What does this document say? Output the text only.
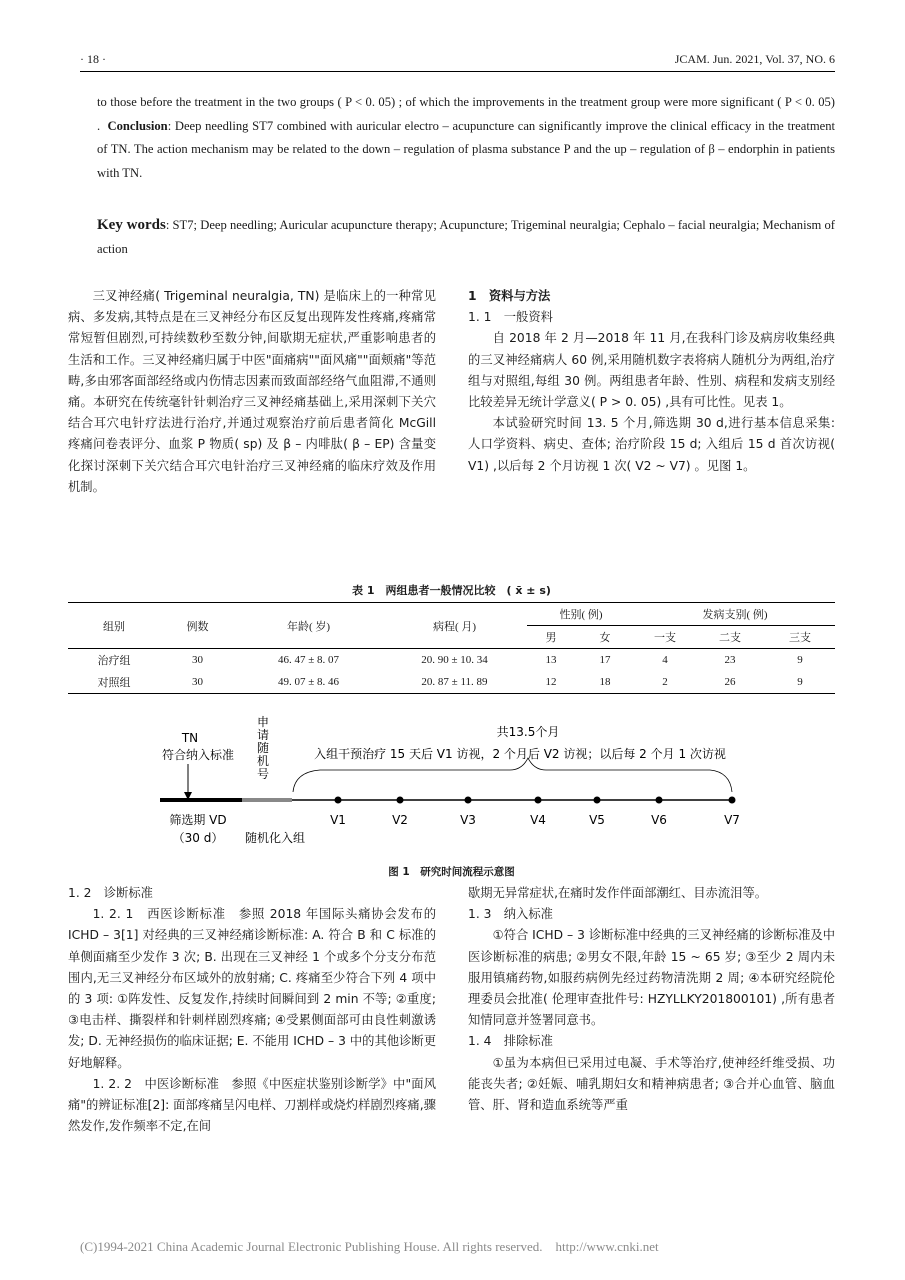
· 18 ·	JCAM. Jun. 2021, Vol. 37, NO. 6

to those before the treatment in the two groups ( P < 0. 05) ; of which the improvements in the treatment group were more significant ( P < 0. 05) . Conclusion: Deep needling ST7 combined with auricular electro – acupuncture can significantly improve the clinical efficacy in the treatment of TN. The action mechanism may be related to the down – regulation of plasma substance P and the up – regulation of β – endorphin in patients with TN.

Key words: ST7; Deep needling; Auricular acupuncture therapy; Acupuncture; Trigeminal neuralgia; Cephalo – facial neuralgia; Mechanism of action

三叉神经痛( Trigeminal neuralgia, TN) 是临床上的一种常见病、多发病,其特点是在三叉神经分布区反复出现阵发性疼痛,疼痛常常短暂但剧烈,可持续数秒至数分钟,间歇期无症状,严重影响患者的生活和工作。三叉神经痛归属于中医"面痛病""面风痛""面颊痛"等范畴,多由邪客面部经络或内伤情志因素而致面部经络气血阻滞,不通则痛。本研究在传统毫针针刺治疗三叉神经痛基础上,采用深刺下关穴结合耳穴电针疗法进行治疗,并通过观察治疗前后患者简化 McGill 疼痛问卷表评分、血浆 P 物质( sp) 及 β – 内啡肽( β – EP) 含量变化探讨深刺下关穴结合耳穴电针治疗三叉神经痛的临床疗效及作用机制。

1　资料与方法

1. 1　一般资料

自 2018 年 2 月—2018 年 11 月,在我科门诊及病房收集经典的三叉神经痛病人 60 例,采用随机数字表将病人随机分为两组,治疗组与对照组,每组 30 例。两组患者年龄、性别、病程和发病支别经比较差异无统计学意义( P > 0. 05) ,具有可比性。见表 1。

本试验研究时间 13. 5 个月,筛选期 30 d,进行基本信息采集: 人口学资料、病史、查体; 治疗阶段 15 d; 入组后 15 d 首次访视( V1) ,以后每 2 个月访视 1 次( V2 ~ V7) 。见图 1。

表 1　两组患者一般情况比较　( x̄ ± s)
组别	例数	年龄( 岁)	病程( 月)	性别( 例)		发病支别( 例)		
				男	女	一支	二支	三支
治疗组	30	46. 47 ± 8. 07	20. 90 ± 10. 34	13	17	4	23	9
对照组	30	49. 07 ± 8. 46	20. 87 ± 11. 89	12	18	2	26	9
TN
符合纳入标准
申请随机号
共13.5个月
入组干预治疗 15 天后 V1 访视，2 个月后 V2 访视；以后每 2 个月 1 次访视
V1	V2	V3	V4	V5	V6	V7
筛选期 VD
（30 d） 随机化入组
图 1　研究时间流程示意图

1. 2　诊断标准

1. 2. 1　西医诊断标准　 参照 2018 年国际头痛协会发布的 ICHD – 3[1] 对经典的三叉神经痛诊断标准: A. 符合 B 和 C 标准的单侧面痛至少发作 3 次; B. 出现在三叉神经 1 个或多个分支分布范围内,无三叉神经分布区域外的放射痛; C. 疼痛至少符合下列 4 项中的 3 项: ①阵发性、反复发作,持续时间瞬间到 2 min 不等; ②重度; ③电击样、撕裂样和针刺样剧烈疼痛; ④受累侧面部可由良性刺激诱发; D. 无神经损伤的临床证据; E. 不能用 ICHD – 3 中的其他诊断更好地解释。

1. 2. 2　中医诊断标准　 参照《中医症状鉴别诊断学》中"面风痛"的辨证标准[2]: 面部疼痛呈闪电样、刀割样或烧灼样剧烈疼痛,骤然发作,发作频率不定,在间

歇期无异常症状,在痛时发作伴面部潮红、目赤流泪等。

1. 3　纳入标准

①符合 ICHD – 3 诊断标准中经典的三叉神经痛的诊断标准及中医诊断标准的病患; ②男女不限,年龄 15 ~ 65 岁; ③至少 2 周内未服用镇痛药物,如服药病例先经过药物清洗期 2 周; ④本研究经院伦理委员会批准( 伦理审查批件号: HZYLLKY201800101) ,所有患者知情同意并签署同意书。

1. 4　排除标准

①虽为本病但已采用过电凝、手术等治疗,使神经纤维受损、功能丧失者; ②妊娠、哺乳期妇女和精神病患者; ③合并心血管、脑血管、肝、肾和造血系统等严重

(C)1994-2021 China Academic Journal Electronic Publishing House. All rights reserved.　http://www.cnki.net
